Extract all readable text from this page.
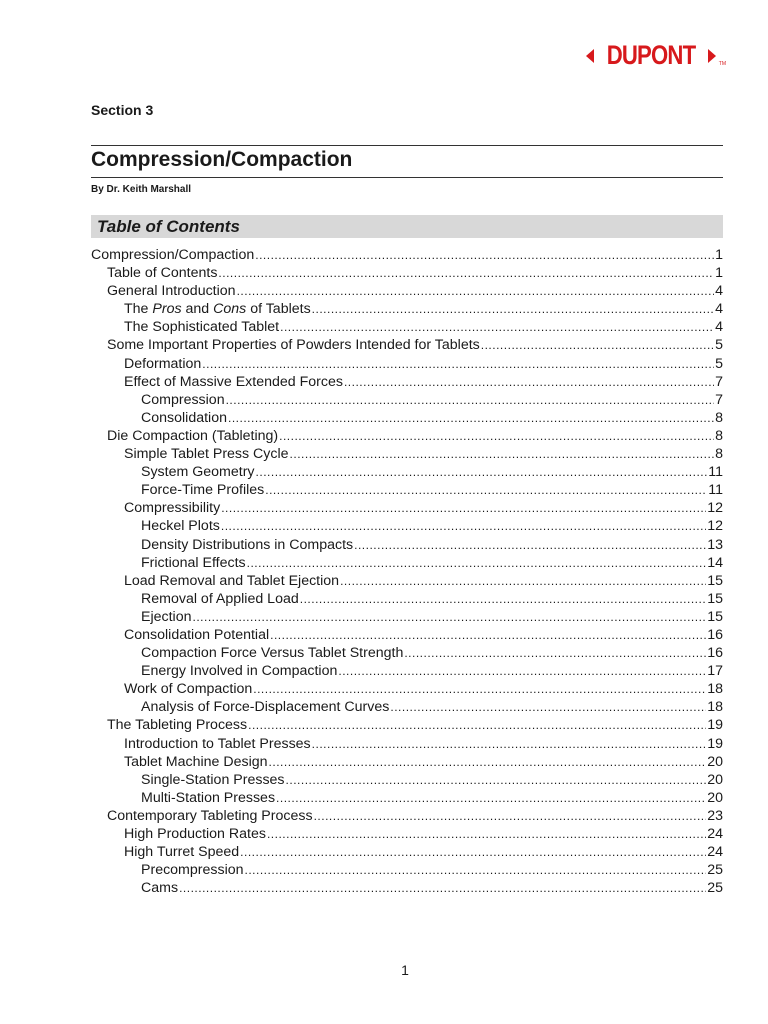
DUPONT	TM
Section 3
Compression/Compaction
By Dr. Keith Marshall
Table of Contents
Compression/Compaction .....	1
Table of Contents .....	1
General Introduction .....	4
The Pros and Cons of Tablets .....	4
The Sophisticated Tablet .....	4
Some Important Properties of Powders Intended for Tablets .....	5
Deformation .....	5
Effect of Massive Extended Forces .....	7
Compression .....	7
Consolidation .....	8
Die Compaction (Tableting) .....	8
Simple Tablet Press Cycle .....	8
System Geometry .....	11
Force-Time Profiles .....	11
Compressibility .....	12
Heckel Plots .....	12
Density Distributions in Compacts .....	13
Frictional Effects .....	14
Load Removal and Tablet Ejection .....	15
Removal of Applied Load .....	15
Ejection .....	15
Consolidation Potential .....	16
Compaction Force Versus Tablet Strength .....	16
Energy Involved in Compaction .....	17
Work of Compaction .....	18
Analysis of Force-Displacement Curves .....	18
The Tableting Process .....	19
Introduction to Tablet Presses .....	19
Tablet Machine Design .....	20
Single-Station Presses .....	20
Multi-Station Presses .....	20
Contemporary Tableting Process .....	23
High Production Rates .....	24
High Turret Speed .....	24
Precompression .....	25
Cams .....	25
1
